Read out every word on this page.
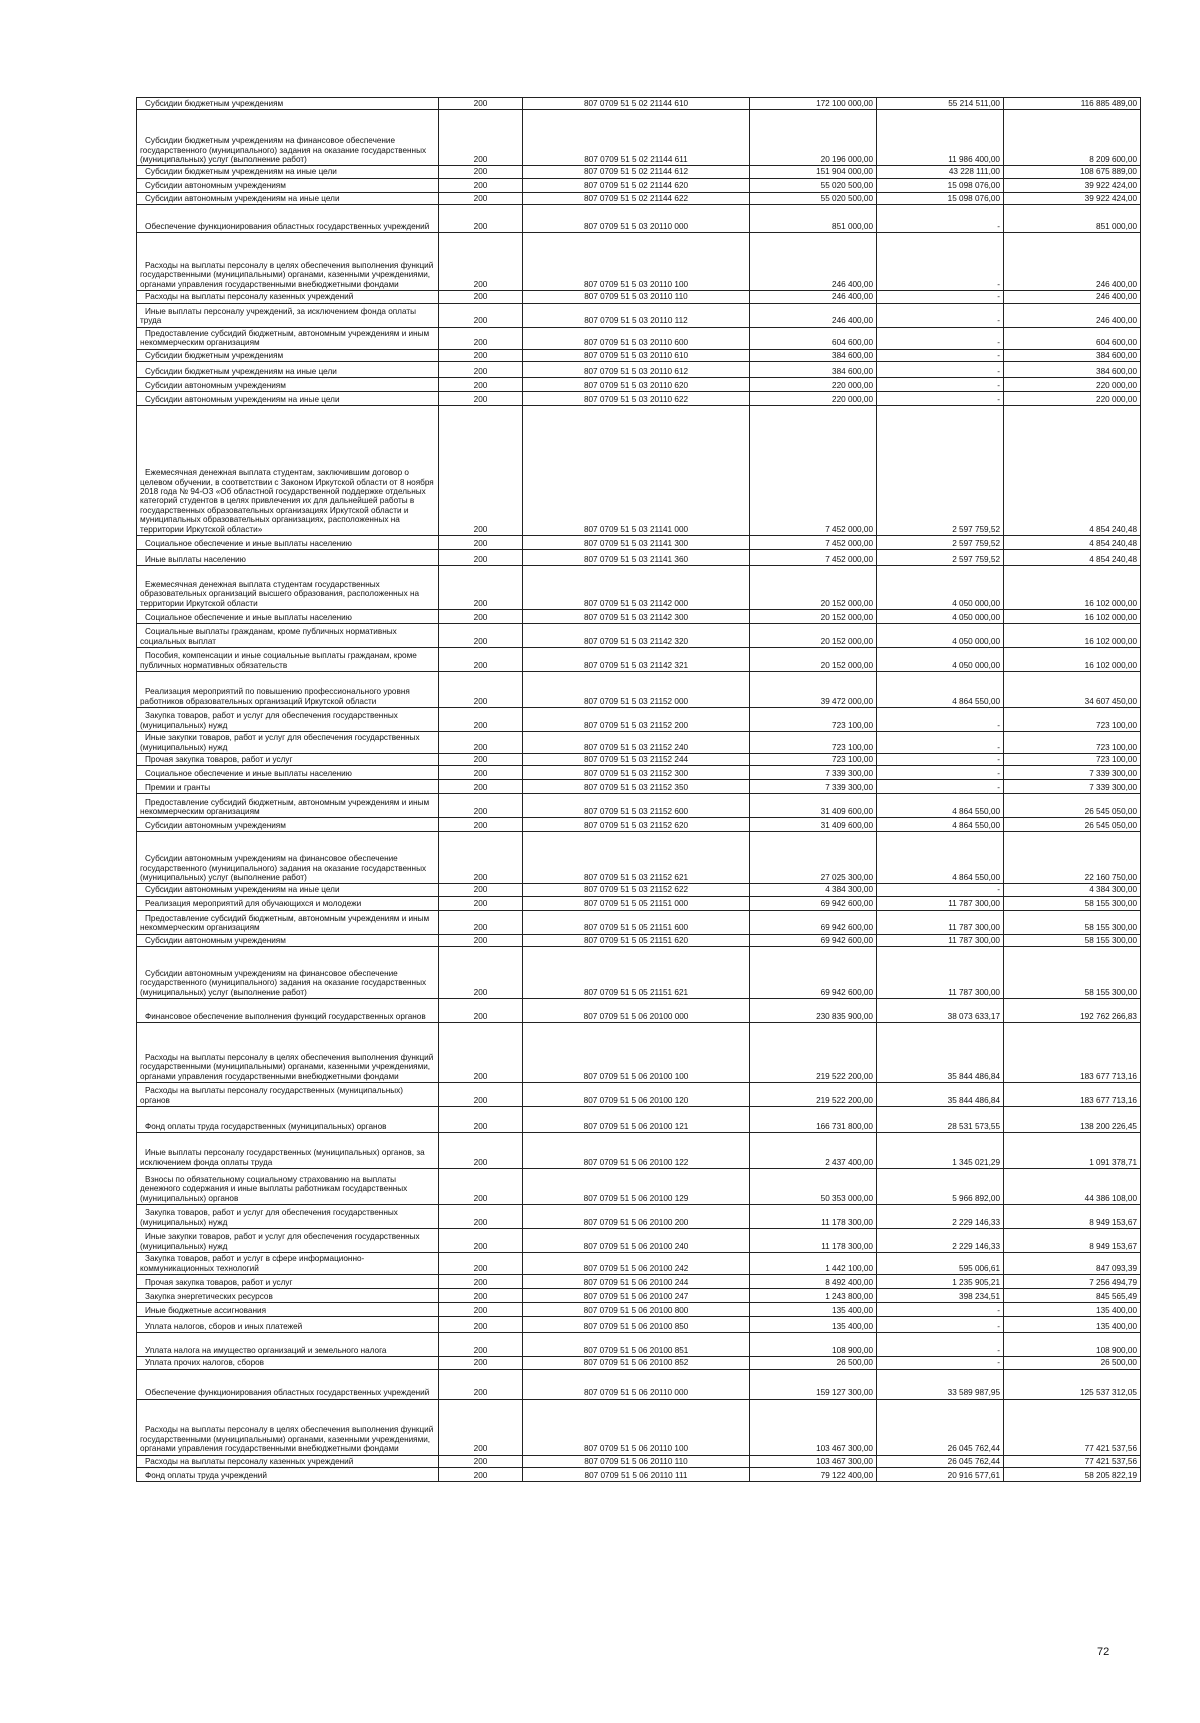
Субсидии бюджетным учреждениям	200	807 0709 51 5 02 21144 610	172 100 000,00	55 214 511,00	116 885 489,00
Субсидии бюджетным учреждениям на финансовое обеспечение государственного (муниципального) задания на оказание государственных (муниципальных) услуг (выполнение работ)	200	807 0709 51 5 02 21144 611	20 196 000,00	11 986 400,00	8 209 600,00
Субсидии бюджетным учреждениям на иные цели	200	807 0709 51 5 02 21144 612	151 904 000,00	43 228 111,00	108 675 889,00
Субсидии автономным учреждениям	200	807 0709 51 5 02 21144 620	55 020 500,00	15 098 076,00	39 922 424,00
Субсидии автономным учреждениям на иные цели	200	807 0709 51 5 02 21144 622	55 020 500,00	15 098 076,00	39 922 424,00
Обеспечение функционирования областных государственных учреждений	200	807 0709 51 5 03 20110 000	851 000,00	-	851 000,00
Расходы на выплаты персоналу в целях обеспечения выполнения функций государственными (муниципальными) органами, казенными учреждениями, органами управления государственными внебюджетными фондами	200	807 0709 51 5 03 20110 100	246 400,00	-	246 400,00
Расходы на выплаты персоналу казенных учреждений	200	807 0709 51 5 03 20110 110	246 400,00	-	246 400,00
Иные выплаты персоналу учреждений, за исключением фонда оплаты труда	200	807 0709 51 5 03 20110 112	246 400,00	-	246 400,00
Предоставление субсидий бюджетным, автономным учреждениям и иным некоммерческим организациям	200	807 0709 51 5 03 20110 600	604 600,00	-	604 600,00
Субсидии бюджетным учреждениям	200	807 0709 51 5 03 20110 610	384 600,00	-	384 600,00
Субсидии бюджетным учреждениям на иные цели	200	807 0709 51 5 03 20110 612	384 600,00	-	384 600,00
Субсидии автономным учреждениям	200	807 0709 51 5 03 20110 620	220 000,00	-	220 000,00
Субсидии автономным учреждениям на иные цели	200	807 0709 51 5 03 20110 622	220 000,00	-	220 000,00
Ежемесячная денежная выплата студентам, заключившим договор о целевом обучении, в соответствии с Законом Иркутской области от 8 ноября 2018 года № 94-ОЗ «Об областной государственной поддержке отдельных категорий студентов в целях привлечения их для дальнейшей работы в государственных образовательных организациях Иркутской области и муниципальных образовательных организациях, расположенных на территории Иркутской области»	200	807 0709 51 5 03 21141 000	7 452 000,00	2 597 759,52	4 854 240,48
Социальное обеспечение и иные выплаты населению	200	807 0709 51 5 03 21141 300	7 452 000,00	2 597 759,52	4 854 240,48
Иные выплаты населению	200	807 0709 51 5 03 21141 360	7 452 000,00	2 597 759,52	4 854 240,48
Ежемесячная денежная выплата студентам государственных образовательных организаций высшего образования, расположенных на территории Иркутской области	200	807 0709 51 5 03 21142 000	20 152 000,00	4 050 000,00	16 102 000,00
Социальное обеспечение и иные выплаты населению	200	807 0709 51 5 03 21142 300	20 152 000,00	4 050 000,00	16 102 000,00
Социальные выплаты гражданам, кроме публичных нормативных социальных выплат	200	807 0709 51 5 03 21142 320	20 152 000,00	4 050 000,00	16 102 000,00
Пособия, компенсации и иные социальные выплаты гражданам, кроме публичных нормативных обязательств	200	807 0709 51 5 03 21142 321	20 152 000,00	4 050 000,00	16 102 000,00
Реализация мероприятий по повышению профессионального уровня работников образовательных организаций Иркутской области	200	807 0709 51 5 03 21152 000	39 472 000,00	4 864 550,00	34 607 450,00
Закупка товаров, работ и услуг для обеспечения государственных (муниципальных) нужд	200	807 0709 51 5 03 21152 200	723 100,00	-	723 100,00
Иные закупки товаров, работ и услуг для обеспечения государственных (муниципальных) нужд	200	807 0709 51 5 03 21152 240	723 100,00	-	723 100,00
Прочая закупка товаров, работ и услуг	200	807 0709 51 5 03 21152 244	723 100,00	-	723 100,00
Социальное обеспечение и иные выплаты населению	200	807 0709 51 5 03 21152 300	7 339 300,00	-	7 339 300,00
Премии и гранты	200	807 0709 51 5 03 21152 350	7 339 300,00	-	7 339 300,00
Предоставление субсидий бюджетным, автономным учреждениям и иным некоммерческим организациям	200	807 0709 51 5 03 21152 600	31 409 600,00	4 864 550,00	26 545 050,00
Субсидии автономным учреждениям	200	807 0709 51 5 03 21152 620	31 409 600,00	4 864 550,00	26 545 050,00
Субсидии автономным учреждениям на финансовое обеспечение государственного (муниципального) задания на оказание государственных (муниципальных) услуг (выполнение работ)	200	807 0709 51 5 03 21152 621	27 025 300,00	4 864 550,00	22 160 750,00
Субсидии автономным учреждениям на иные цели	200	807 0709 51 5 03 21152 622	4 384 300,00	-	4 384 300,00
Реализация мероприятий для обучающихся и молодежи	200	807 0709 51 5 05 21151 000	69 942 600,00	11 787 300,00	58 155 300,00
Предоставление субсидий бюджетным, автономным учреждениям и иным некоммерческим организациям	200	807 0709 51 5 05 21151 600	69 942 600,00	11 787 300,00	58 155 300,00
Субсидии автономным учреждениям	200	807 0709 51 5 05 21151 620	69 942 600,00	11 787 300,00	58 155 300,00
Субсидии автономным учреждениям на финансовое обеспечение государственного (муниципального) задания на оказание государственных (муниципальных) услуг (выполнение работ)	200	807 0709 51 5 05 21151 621	69 942 600,00	11 787 300,00	58 155 300,00
Финансовое обеспечение выполнения функций государственных органов	200	807 0709 51 5 06 20100 000	230 835 900,00	38 073 633,17	192 762 266,83
Расходы на выплаты персоналу в целях обеспечения выполнения функций государственными (муниципальными) органами, казенными учреждениями, органами управления государственными внебюджетными фондами	200	807 0709 51 5 06 20100 100	219 522 200,00	35 844 486,84	183 677 713,16
Расходы на выплаты персоналу государственных (муниципальных) органов	200	807 0709 51 5 06 20100 120	219 522 200,00	35 844 486,84	183 677 713,16
Фонд оплаты труда государственных (муниципальных) органов	200	807 0709 51 5 06 20100 121	166 731 800,00	28 531 573,55	138 200 226,45
Иные выплаты персоналу государственных (муниципальных) органов, за исключением фонда оплаты труда	200	807 0709 51 5 06 20100 122	2 437 400,00	1 345 021,29	1 091 378,71
Взносы по обязательному социальному страхованию на выплаты денежного содержания и иные выплаты работникам государственных (муниципальных) органов	200	807 0709 51 5 06 20100 129	50 353 000,00	5 966 892,00	44 386 108,00
Закупка товаров, работ и услуг для обеспечения государственных (муниципальных) нужд	200	807 0709 51 5 06 20100 200	11 178 300,00	2 229 146,33	8 949 153,67
Иные закупки товаров, работ и услуг для обеспечения государственных (муниципальных) нужд	200	807 0709 51 5 06 20100 240	11 178 300,00	2 229 146,33	8 949 153,67
Закупка товаров, работ и услуг в сфере информационно-коммуникационных технологий	200	807 0709 51 5 06 20100 242	1 442 100,00	595 006,61	847 093,39
Прочая закупка товаров, работ и услуг	200	807 0709 51 5 06 20100 244	8 492 400,00	1 235 905,21	7 256 494,79
Закупка энергетических ресурсов	200	807 0709 51 5 06 20100 247	1 243 800,00	398 234,51	845 565,49
Иные бюджетные ассигнования	200	807 0709 51 5 06 20100 800	135 400,00	-	135 400,00
Уплата налогов, сборов и иных платежей	200	807 0709 51 5 06 20100 850	135 400,00	-	135 400,00
Уплата налога на имущество организаций и земельного налога	200	807 0709 51 5 06 20100 851	108 900,00	-	108 900,00
Уплата прочих налогов, сборов	200	807 0709 51 5 06 20100 852	26 500,00	-	26 500,00
Обеспечение функционирования областных государственных учреждений	200	807 0709 51 5 06 20110 000	159 127 300,00	33 589 987,95	125 537 312,05
Расходы на выплаты персоналу в целях обеспечения выполнения функций государственными (муниципальными) органами, казенными учреждениями, органами управления государственными внебюджетными фондами	200	807 0709 51 5 06 20110 100	103 467 300,00	26 045 762,44	77 421 537,56
Расходы на выплаты персоналу казенных учреждений	200	807 0709 51 5 06 20110 110	103 467 300,00	26 045 762,44	77 421 537,56
Фонд оплаты труда учреждений	200	807 0709 51 5 06 20110 111	79 122 400,00	20 916 577,61	58 205 822,19
72
